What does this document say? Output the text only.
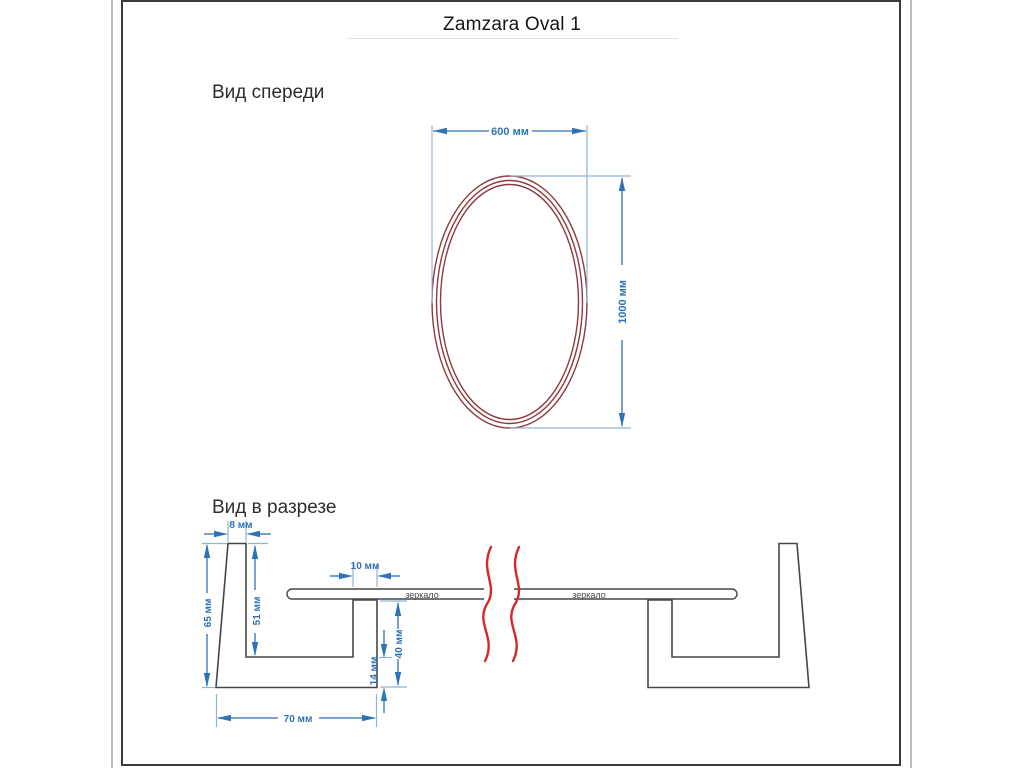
Zamzara Oval 1
Вид спереди
Вид в разрезе
600 мм
1000 мм
зеркало	зеркало
8 мм
65 мм	51 мм
10 мм
40 мм
14 мм
70 мм
